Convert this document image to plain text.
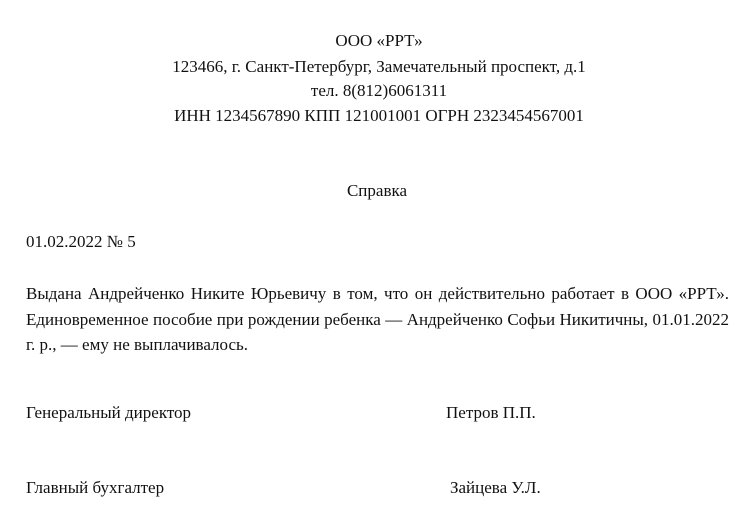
ООО «РРТ»
123466, г. Санкт-Петербург, Замечательный проспект, д.1
тел. 8(812)6061311
ИНН 1234567890 КПП 121001001 ОГРН 2323454567001
Справка
01.02.2022 № 5
Выдана Андрейченко Никите Юрьевичу в том, что он действительно работает в ООО «РРТ». Единовременное пособие при рождении ребенка — Андрейченко Софьи Никитичны, 01.01.2022 г. р., — ему не выплачивалось.
Генеральный директор	Петров П.П.
Главный бухгалтер	Зайцева У.Л.
